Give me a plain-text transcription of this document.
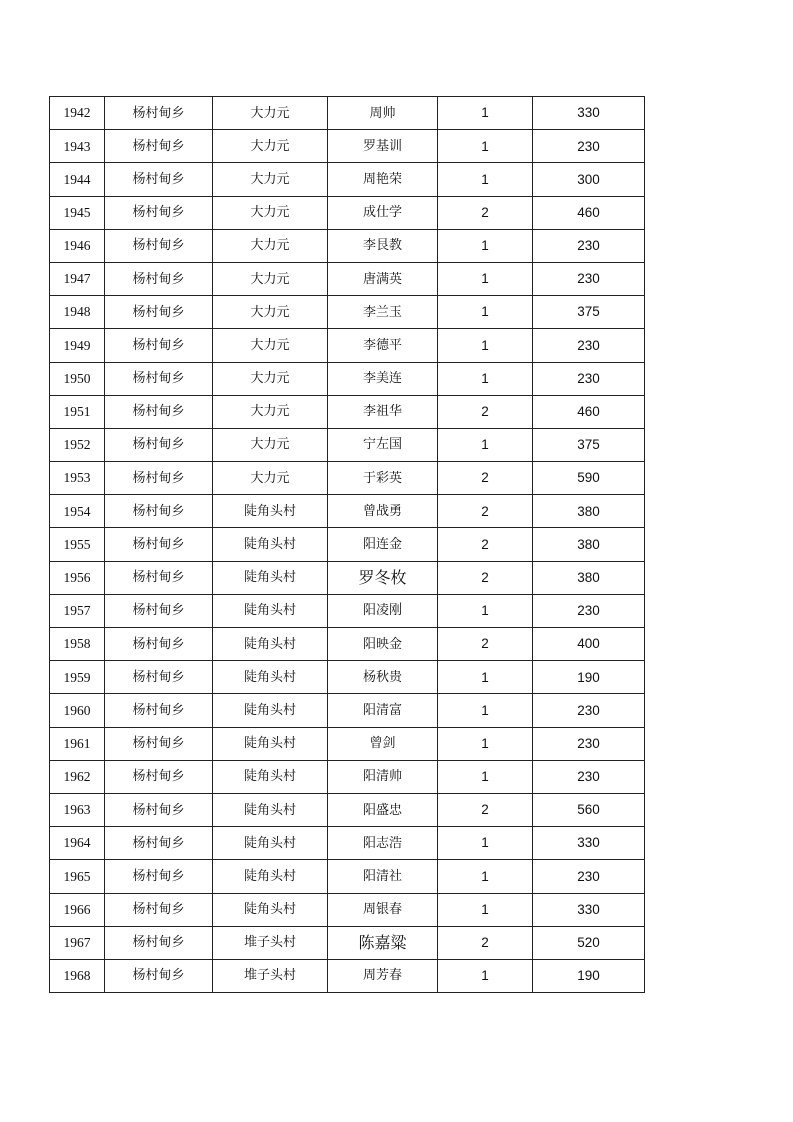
1942	杨村甸乡	大力元	周帅	1	330
1943	杨村甸乡	大力元	罗基训	1	230
1944	杨村甸乡	大力元	周艳荣	1	300
1945	杨村甸乡	大力元	成仕学	2	460
1946	杨村甸乡	大力元	李艮教	1	230
1947	杨村甸乡	大力元	唐满英	1	230
1948	杨村甸乡	大力元	李兰玉	1	375
1949	杨村甸乡	大力元	李德平	1	230
1950	杨村甸乡	大力元	李美连	1	230
1951	杨村甸乡	大力元	李祖华	2	460
1952	杨村甸乡	大力元	宁左国	1	375
1953	杨村甸乡	大力元	于彩英	2	590
1954	杨村甸乡	陡角头村	曾战勇	2	380
1955	杨村甸乡	陡角头村	阳连金	2	380
1956	杨村甸乡	陡角头村	罗冬枚	2	380
1957	杨村甸乡	陡角头村	阳凌刚	1	230
1958	杨村甸乡	陡角头村	阳映金	2	400
1959	杨村甸乡	陡角头村	杨秋贵	1	190
1960	杨村甸乡	陡角头村	阳清富	1	230
1961	杨村甸乡	陡角头村	曾剑	1	230
1962	杨村甸乡	陡角头村	阳清帅	1	230
1963	杨村甸乡	陡角头村	阳盛忠	2	560
1964	杨村甸乡	陡角头村	阳志浩	1	330
1965	杨村甸乡	陡角头村	阳清社	1	230
1966	杨村甸乡	陡角头村	周银春	1	330
1967	杨村甸乡	堆子头村	陈嘉粱	2	520
1968	杨村甸乡	堆子头村	周芳春	1	190
